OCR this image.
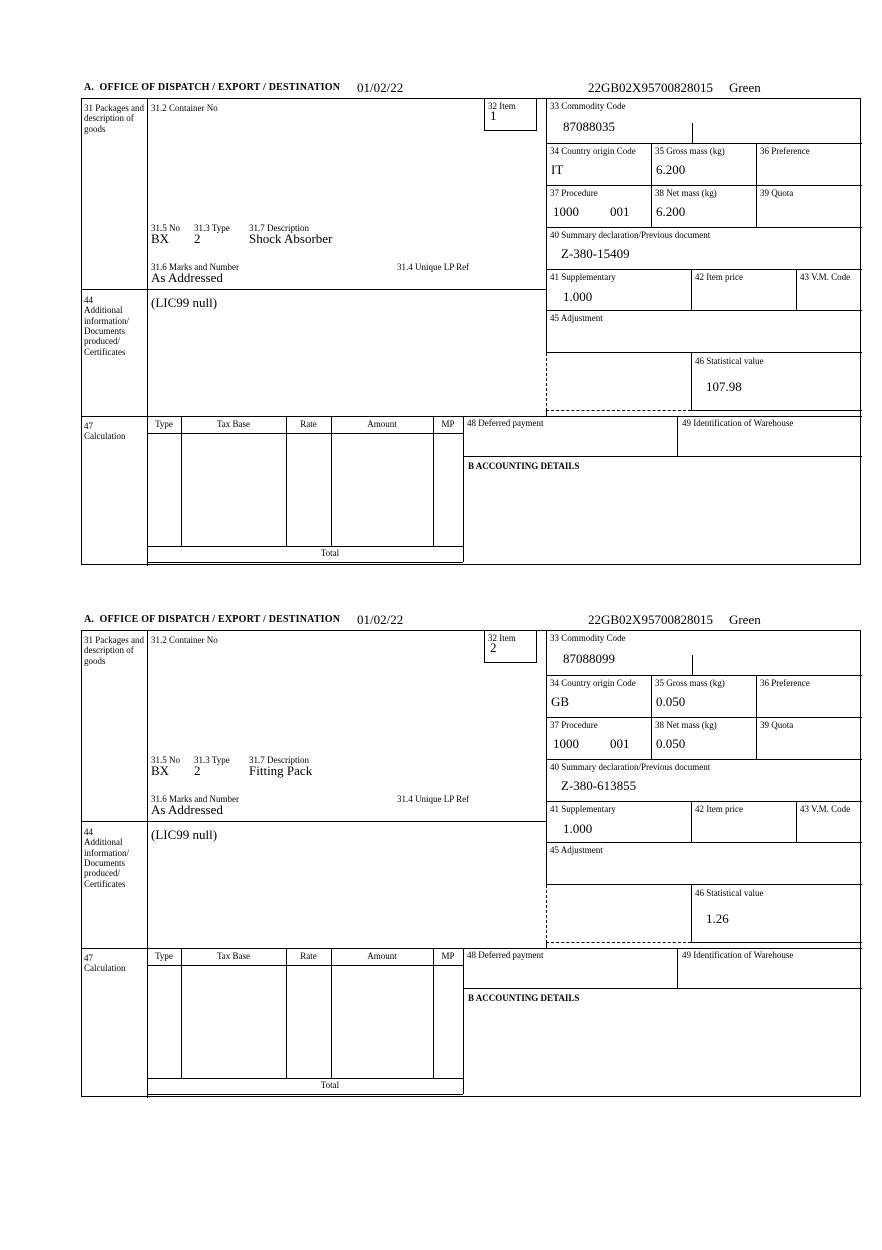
A.  OFFICE OF DISPATCH / EXPORT / DESTINATION 01/02/22	22GB02X95700828015 Green
31 Packages and description of goods
44
Additional information/ Documents produced/ Certificates
47
Calculation
31.2 Container No	32 Item
1
31.5 No 31.3 Type 31.7 Description
BX 2	Shock Absorber
31.6 Marks and Number	31.4 Unique LP Ref
As Addressed
(LIC99 null)
33 Commodity Code
87088035
34 Country origin Code
IT
35 Gross mass (kg)
6.200
36 Preference
37 Procedure
1000 001
38 Net mass (kg)
6.200
39 Quota
40 Summary declaration/Previous document
Z-380-15409
41 Supplementary
1.000
42 Item price	43 V.M. Code
45 Adjustment
46 Statistical value
107.98
Type	Tax Base	Rate	Amount	MP
Total
48 Deferred payment	49 Identification of Warehouse
B ACCOUNTING DETAILS
A.  OFFICE OF DISPATCH / EXPORT / DESTINATION 01/02/22	22GB02X95700828015 Green
31 Packages and description of goods
44
Additional information/ Documents produced/ Certificates
47
Calculation
31.2 Container No	32 Item
2
31.5 No 31.3 Type 31.7 Description
BX 2	Fitting Pack
31.6 Marks and Number	31.4 Unique LP Ref
As Addressed
(LIC99 null)
33 Commodity Code
87088099
34 Country origin Code
GB
35 Gross mass (kg)
0.050
36 Preference
37 Procedure
1000 001
38 Net mass (kg)
0.050
39 Quota
40 Summary declaration/Previous document
Z-380-613855
41 Supplementary
1.000
42 Item price	43 V.M. Code
45 Adjustment
46 Statistical value
1.26
Type	Tax Base	Rate	Amount	MP
Total
48 Deferred payment	49 Identification of Warehouse
B ACCOUNTING DETAILS
